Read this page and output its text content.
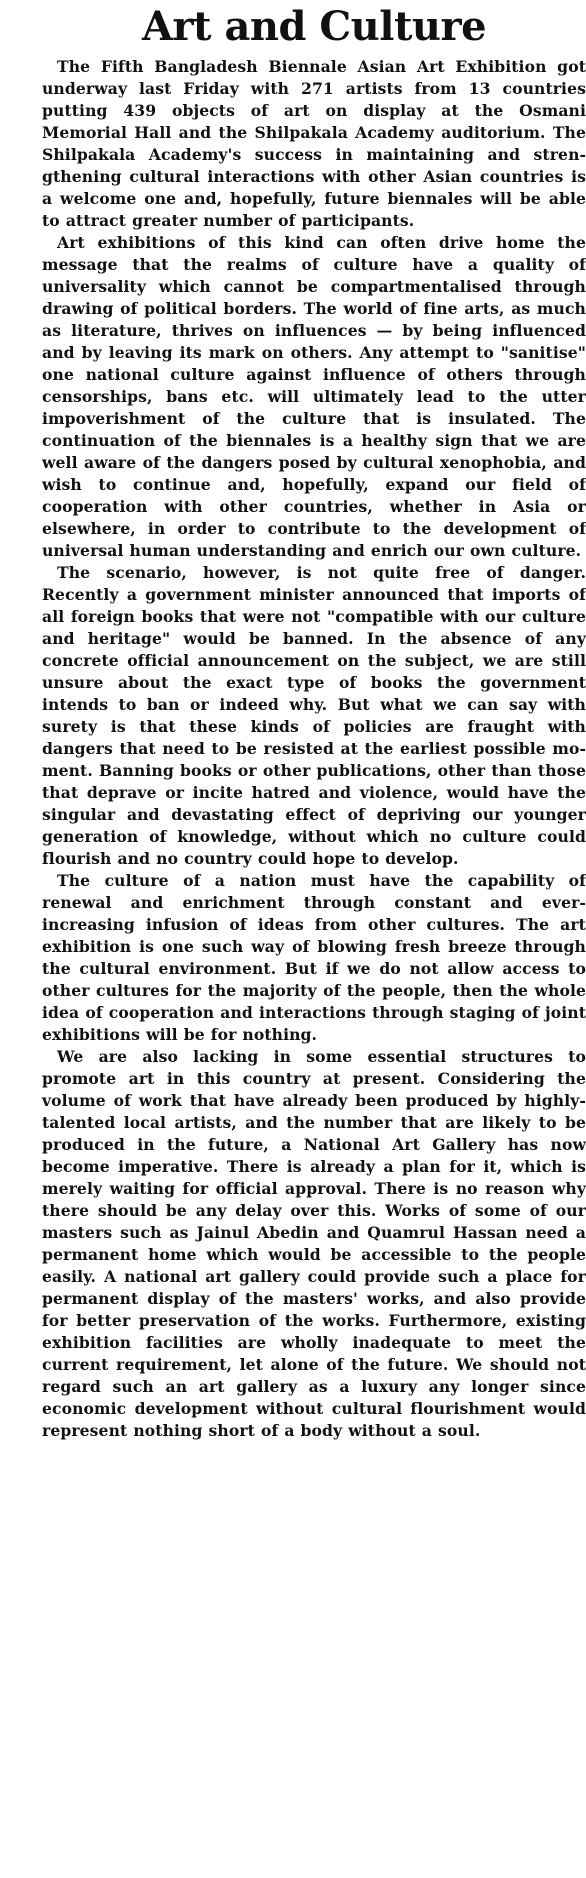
Art and Culture

The Fifth Bangladesh Biennale Asian Art Exhibition got underway last Friday with 271 artists from 13 countries putting 439 objects of art on display at the Osmani Memorial Hall and the Shilpakala Academy auditorium. The Shilpakala Academy's success in maintaining and strengthening cultural interactions with other Asian countries is a welcome one and, hopefully, future biennales will be able to attract greater number of participants.

Art exhibitions of this kind can often drive home the message that the realms of culture have a quality of universality which cannot be compartmentalised through drawing of political borders. The world of fine arts, as much as literature, thrives on influences — by being influenced and by leaving its mark on others. Any attempt to "sanitise" one national culture against influence of others through censorships, bans etc. will ultimately lead to the utter impoverishment of the culture that is insulated. The continuation of the biennales is a healthy sign that we are well aware of the dangers posed by cultural xenophobia, and wish to continue and, hopefully, expand our field of cooperation with other countries, whether in Asia or elsewhere, in order to contribute to the development of universal human understanding and enrich our own culture.

The scenario, however, is not quite free of danger. Recently a government minister announced that imports of all foreign books that were not "compatible with our culture and heritage" would be banned. In the absence of any concrete official announcement on the subject, we are still unsure about the exact type of books the government intends to ban or indeed why. But what we can say with surety is that these kinds of policies are fraught with dangers that need to be resisted at the earliest possible moment. Banning books or other publications, other than those that deprave or incite hatred and violence, would have the singular and devastating effect of depriving our younger generation of knowledge, without which no culture could flourish and no country could hope to develop.

The culture of a nation must have the capability of renewal and enrichment through constant and ever-increasing infusion of ideas from other cultures. The art exhibition is one such way of blowing fresh breeze through the cultural environment. But if we do not allow access to other cultures for the majority of the people, then the whole idea of cooperation and interactions through staging of joint exhibitions will be for nothing.

We are also lacking in some essential structures to promote art in this country at present. Considering the volume of work that have already been produced by highly-talented local artists, and the number that are likely to be produced in the future, a National Art Gallery has now become imperative. There is already a plan for it, which is merely waiting for official approval. There is no reason why there should be any delay over this. Works of some of our masters such as Jainul Abedin and Quamrul Hassan need a permanent home which would be accessible to the people easily. A national art gallery could provide such a place for permanent display of the masters' works, and also provide for better preservation of the works. Furthermore, existing exhibition facilities are wholly inadequate to meet the current requirement, let alone of the future. We should not regard such an art gallery as a luxury any longer since economic development without cultural flourishment would represent nothing short of a body without a soul.
